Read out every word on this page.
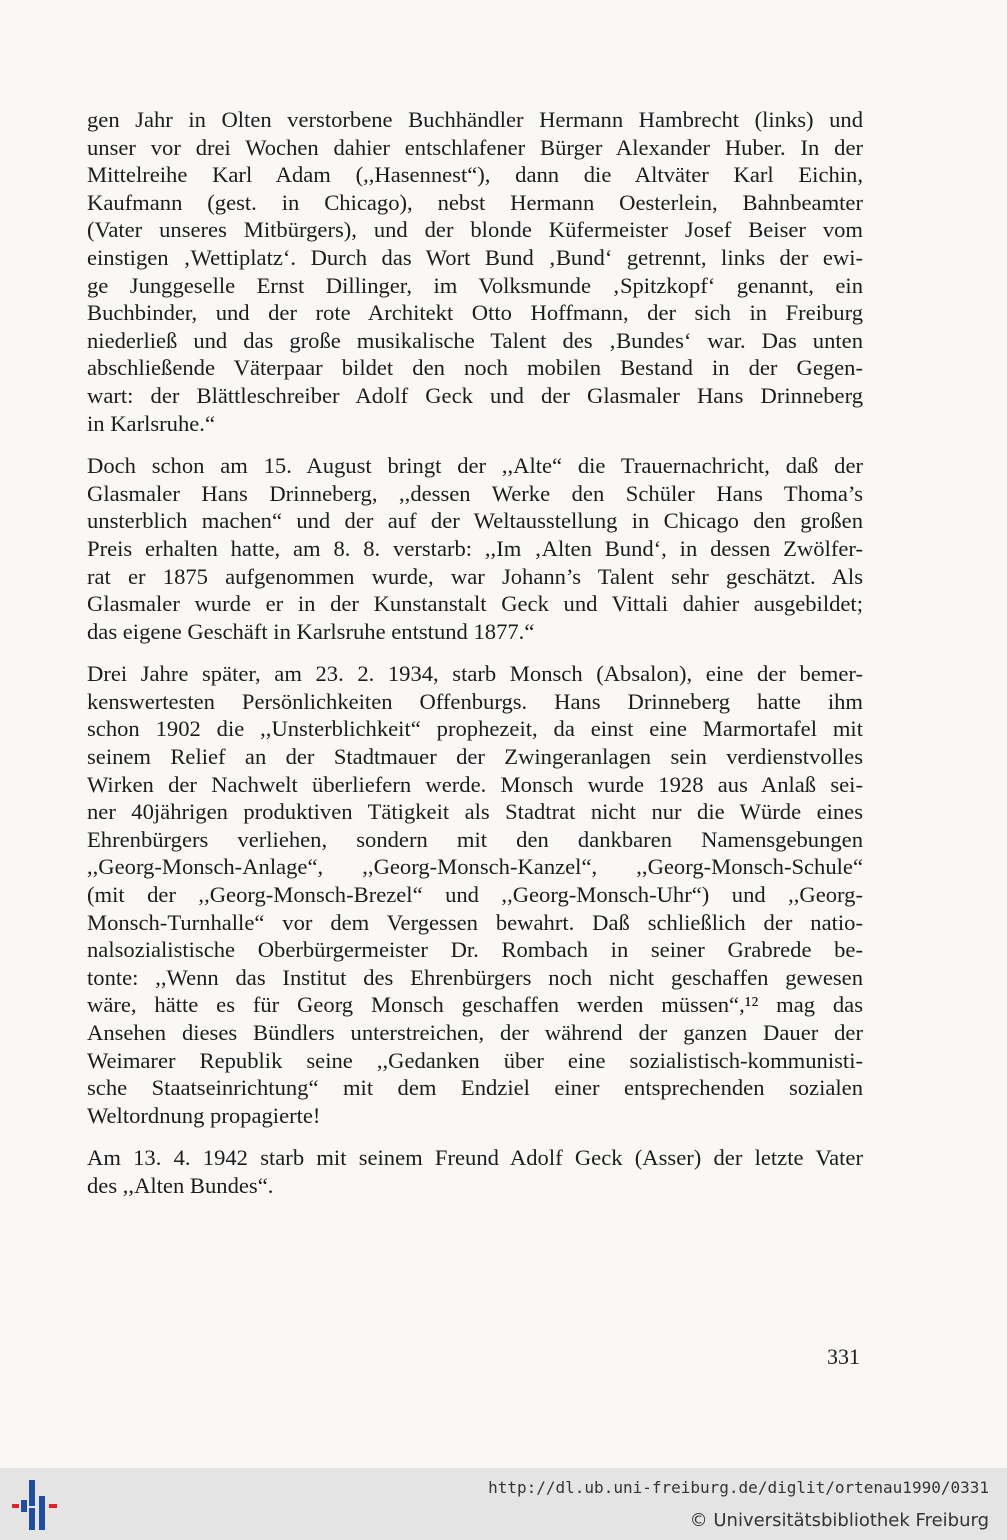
gen Jahr in Olten verstorbene Buchhändler Hermann Hambrecht (links) und
unser vor drei Wochen dahier entschlafener Bürger Alexander Huber. In der
Mittelreihe Karl Adam (,,Hasennest“), dann die Altväter Karl Eichin,
Kaufmann (gest. in Chicago), nebst Hermann Oesterlein, Bahnbeamter
(Vater unseres Mitbürgers), und der blonde Küfermeister Josef Beiser vom
einstigen ‚Wettiplatz‘. Durch das Wort Bund ‚Bund‘ getrennt, links der ewi-
ge Junggeselle Ernst Dillinger, im Volksmunde ‚Spitzkopf‘ genannt, ein
Buchbinder, und der rote Architekt Otto Hoffmann, der sich in Freiburg
niederließ und das große musikalische Talent des ‚Bundes‘ war. Das unten
abschließende Väterpaar bildet den noch mobilen Bestand in der Gegen-
wart: der Blättleschreiber Adolf Geck und der Glasmaler Hans Drinneberg
in Karlsruhe.“

Doch schon am 15. August bringt der ,,Alte“ die Trauernachricht, daß der
Glasmaler Hans Drinneberg, ,,dessen Werke den Schüler Hans Thoma’s
unsterblich machen“ und der auf der Weltausstellung in Chicago den großen
Preis erhalten hatte, am 8. 8. verstarb: ,,Im ‚Alten Bund‘, in dessen Zwölfer-
rat er 1875 aufgenommen wurde, war Johann’s Talent sehr geschätzt. Als
Glasmaler wurde er in der Kunstanstalt Geck und Vittali dahier ausgebildet;
das eigene Geschäft in Karlsruhe entstund 1877.“

Drei Jahre später, am 23. 2. 1934, starb Monsch (Absalon), eine der bemer-
kenswertesten Persönlichkeiten Offenburgs. Hans Drinneberg hatte ihm
schon 1902 die ,,Unsterblichkeit“ prophezeit, da einst eine Marmortafel mit
seinem Relief an der Stadtmauer der Zwingeranlagen sein verdienstvolles
Wirken der Nachwelt überliefern werde. Monsch wurde 1928 aus Anlaß sei-
ner 40jährigen produktiven Tätigkeit als Stadtrat nicht nur die Würde eines
Ehrenbürgers verliehen, sondern mit den dankbaren Namensgebungen
,,Georg-Monsch-Anlage“, ,,Georg-Monsch-Kanzel“, ,,Georg-Monsch-Schule“
(mit der ,,Georg-Monsch-Brezel“ und ,,Georg-Monsch-Uhr“) und ,,Georg-
Monsch-Turnhalle“ vor dem Vergessen bewahrt. Daß schließlich der natio-
nalsozialistische Oberbürgermeister Dr. Rombach in seiner Grabrede be-
tonte: ,,Wenn das Institut des Ehrenbürgers noch nicht geschaffen gewesen
wäre, hätte es für Georg Monsch geschaffen werden müssen“,¹² mag das
Ansehen dieses Bündlers unterstreichen, der während der ganzen Dauer der
Weimarer Republik seine ,,Gedanken über eine sozialistisch-kommunisti-
sche Staatseinrichtung“ mit dem Endziel einer entsprechenden sozialen
Weltordnung propagierte!

Am 13. 4. 1942 starb mit seinem Freund Adolf Geck (Asser) der letzte Vater
des ,,Alten Bundes“.

331
http://dl.ub.uni-freiburg.de/diglit/ortenau1990/0331
© Universitätsbibliothek Freiburg
